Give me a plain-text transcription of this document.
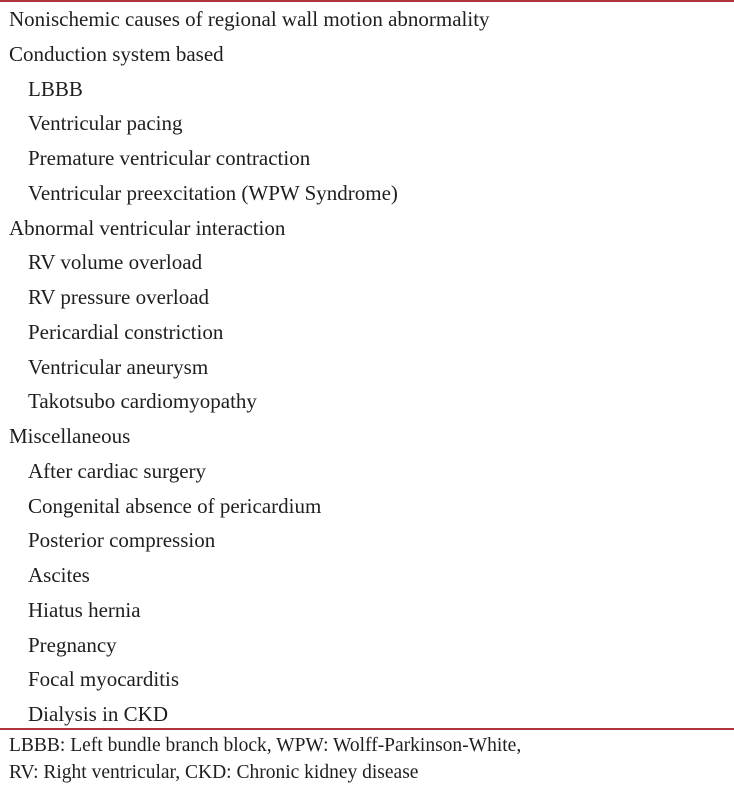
Nonischemic causes of regional wall motion abnormality
Conduction system based
LBBB
Ventricular pacing
Premature ventricular contraction
Ventricular preexcitation (WPW Syndrome)
Abnormal ventricular interaction
RV volume overload
RV pressure overload
Pericardial constriction
Ventricular aneurysm
Takotsubo cardiomyopathy
Miscellaneous
After cardiac surgery
Congenital absence of pericardium
Posterior compression
Ascites
Hiatus hernia
Pregnancy
Focal myocarditis
Dialysis in CKD
LBBB: Left bundle branch block, WPW: Wolff-Parkinson-White,
RV: Right ventricular, CKD: Chronic kidney disease
